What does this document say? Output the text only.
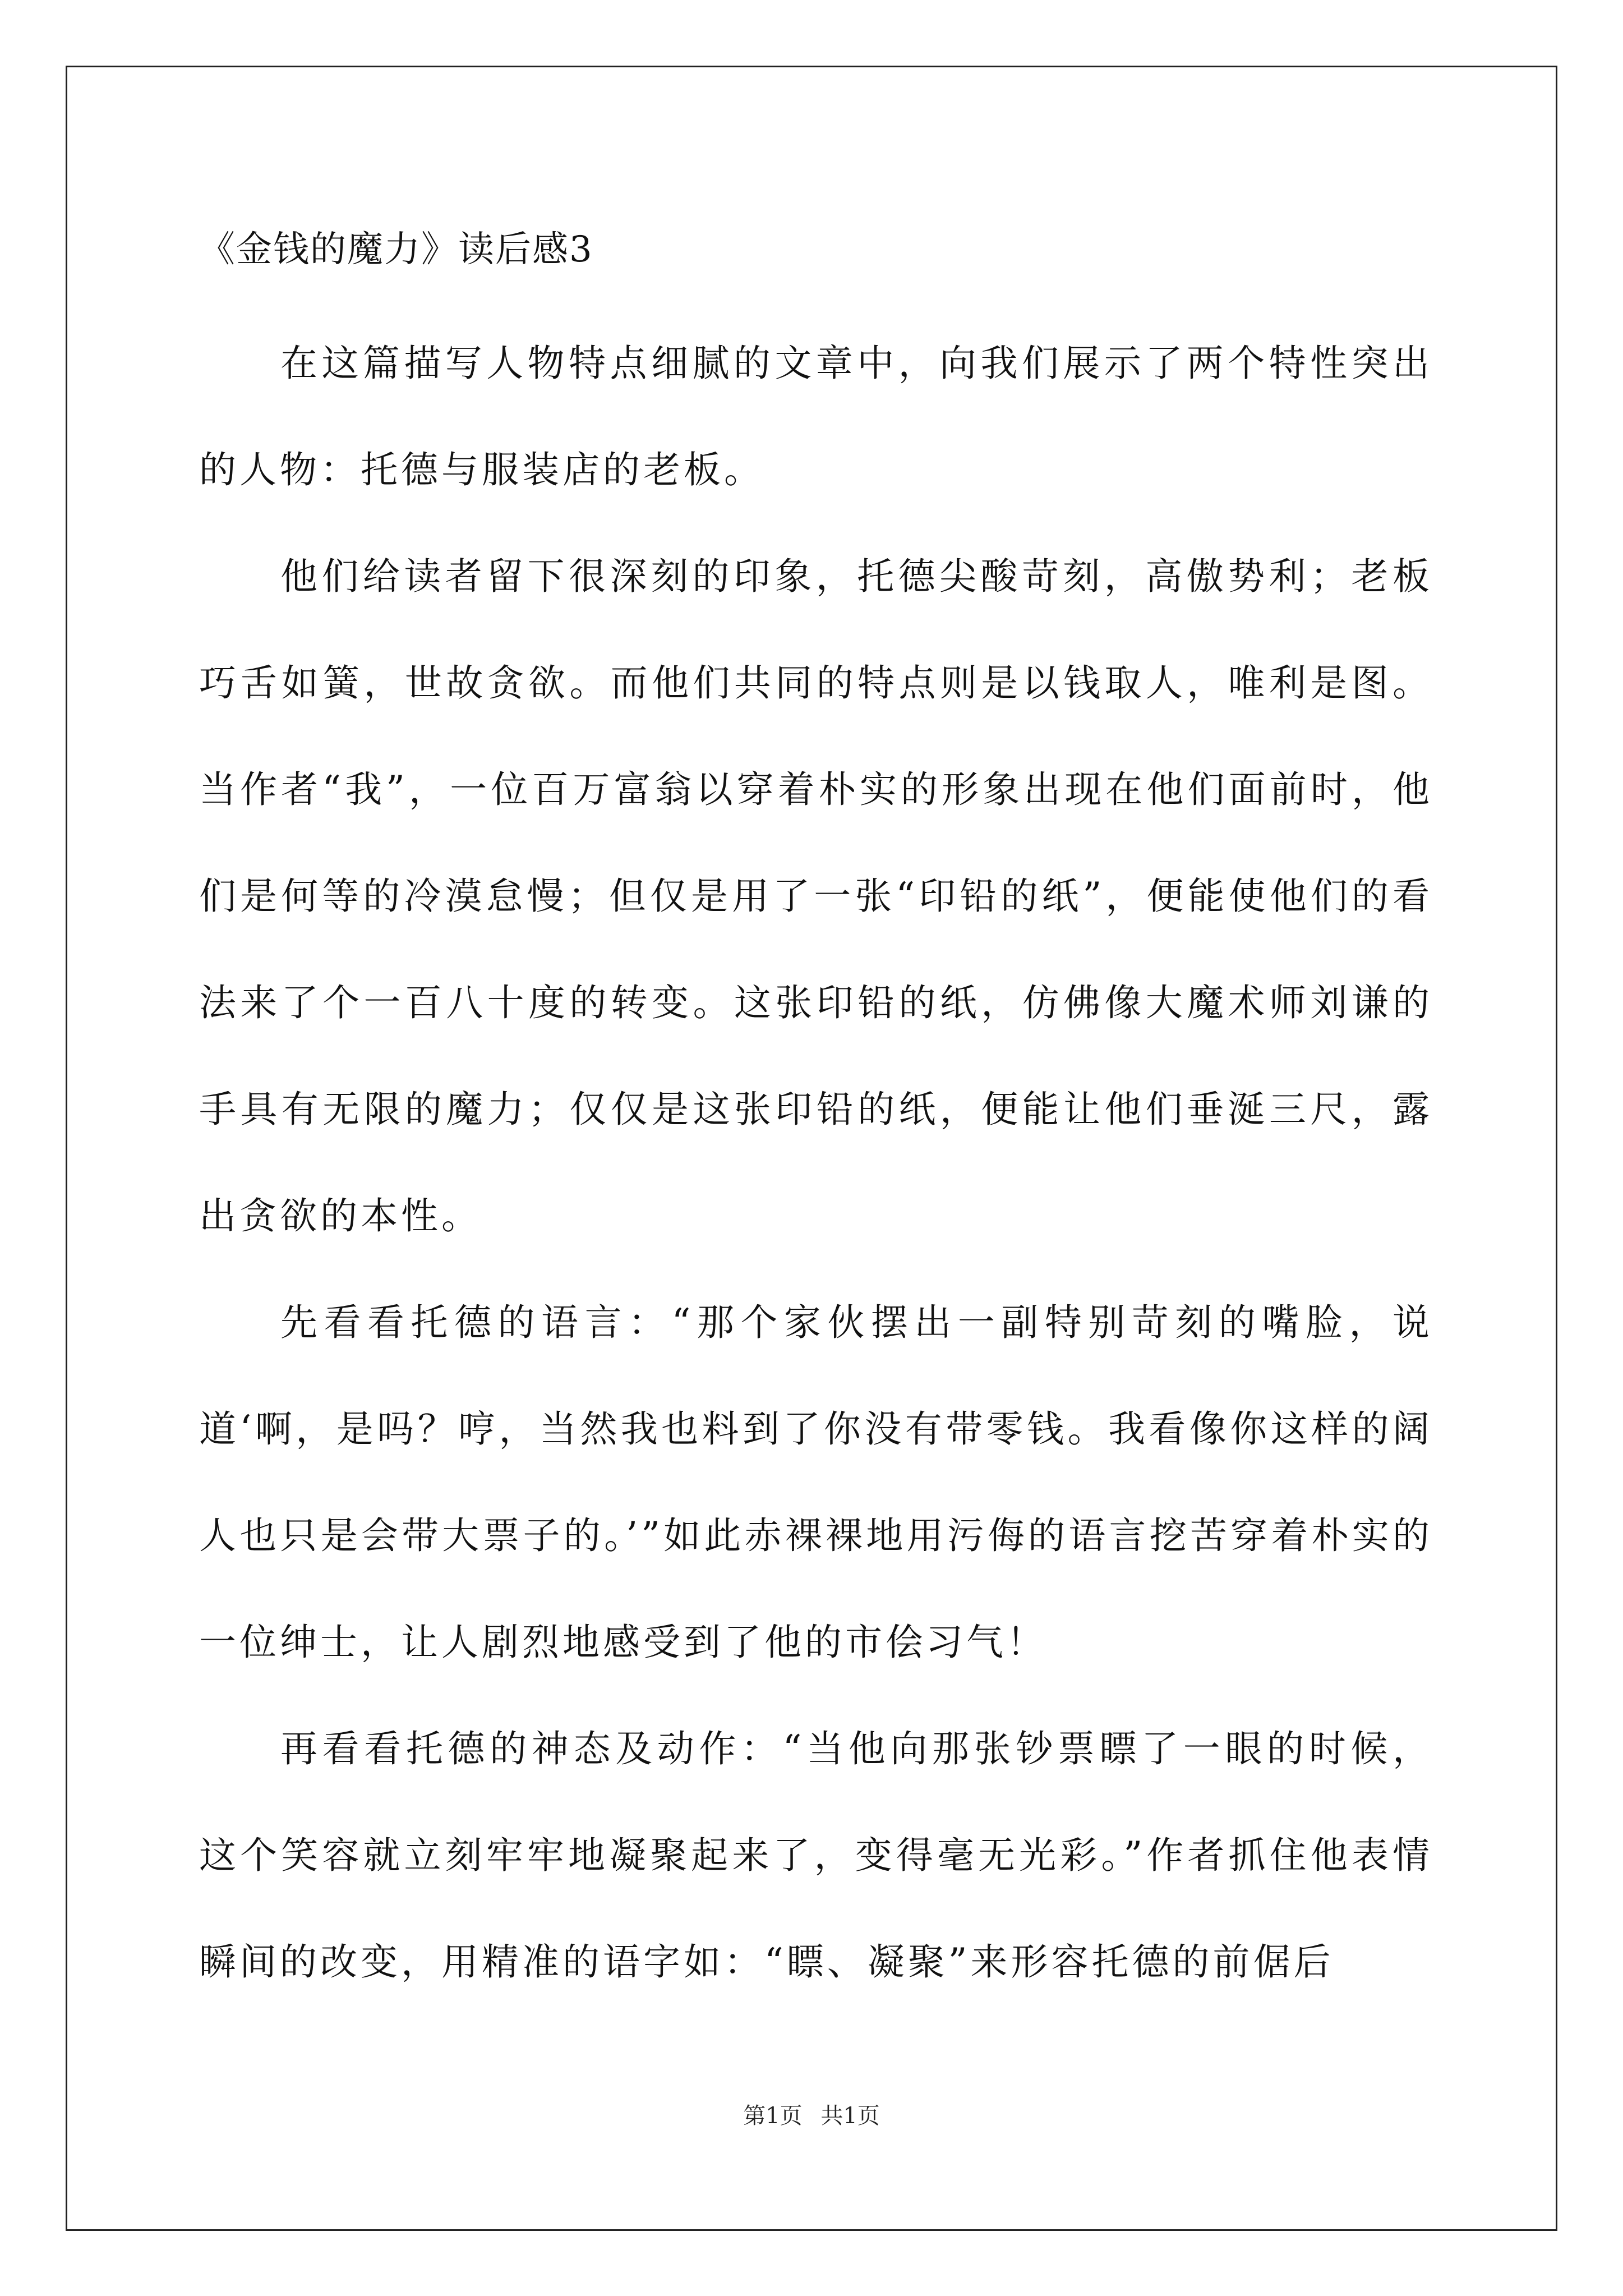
《金钱的魔力》读后感3

在这篇描写人物特点细腻的文章中，向我们展示了两个特性突出的人物：托德与服装店的老板。

他们给读者留下很深刻的印象，托德尖酸苛刻，高傲势利；老板巧舌如簧，世故贪欲。而他们共同的特点则是以钱取人，唯利是图。当作者“我”，一位百万富翁以穿着朴实的形象出现在他们面前时，他们是何等的冷漠怠慢；但仅是用了一张“印铅的纸”，便能使他们的看法来了个一百八十度的转变。这张印铅的纸，仿佛像大魔术师刘谦的手具有无限的魔力；仅仅是这张印铅的纸，便能让他们垂涎三尺，露出贪欲的本性。

先看看托德的语言：“那个家伙摆出一副特别苛刻的嘴脸，说道‘啊，是吗？哼，当然我也料到了你没有带零钱。我看像你这样的阔人也只是会带大票子的。’”如此赤裸裸地用污侮的语言挖苦穿着朴实的一位绅士，让人剧烈地感受到了他的市侩习气！

再看看托德的神态及动作：“当他向那张钞票瞟了一眼的时候，这个笑容就立刻牢牢地凝聚起来了，变得毫无光彩。”作者抓住他表情瞬间的改变，用精准的语字如：“瞟、凝聚”来形容托德的前倨后

第1页 共1页
